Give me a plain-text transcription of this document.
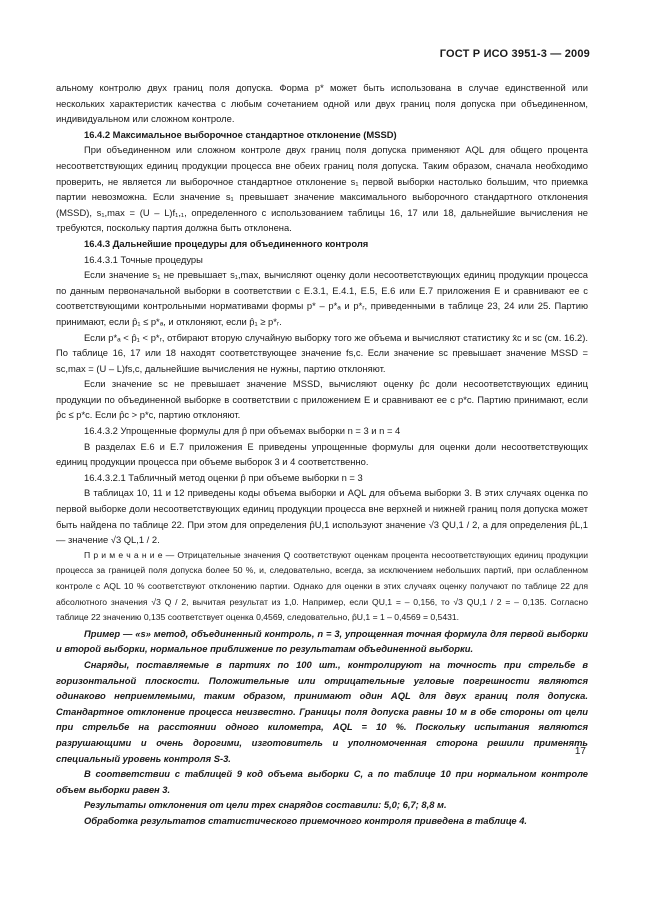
ГОСТ Р ИСО 3951-3 — 2009

альному контролю двух границ поля допуска. Форма p* может быть использована в случае единственной или нескольких характеристик качества с любым сочетанием одной или двух границ поля допуска при объединенном, индивидуальном или сложном контроле.

16.4.2 Максимальное выборочное стандартное отклонение (MSSD)

При объединенном или сложном контроле двух границ поля допуска применяют AQL для общего процента несоответствующих единиц продукции процесса вне обеих границ поля допуска. Таким образом, сначала необходимо проверить, не является ли выборочное стандартное отклонение s₁ первой выборки настолько большим, что приемка партии невозможна. Если значение s₁ превышает значение максимального выборочного стандартного отклонения (MSSD), s₁,max = (U – L)f₁,₁, определенного с использованием таблицы 16, 17 или 18, дальнейшие вычисления не требуются, поскольку партия должна быть отклонена.

16.4.3 Дальнейшие процедуры для объединенного контроля

16.4.3.1 Точные процедуры

Если значение s₁ не превышает s₁,max, вычисляют оценку доли несоответствующих единиц продукции процесса по данным первоначальной выборки в соответствии с Е.3.1, Е.4.1, Е.5, Е.6 или Е.7 приложения Е и сравнивают ее с соответствующими контрольными нормативами формы p* – p*ₐ и p*ᵣ, приведенными в таблице 23, 24 или 25. Партию принимают, если p̂₁ ≤ p*ₐ, и отклоняют, если p̂₁ ≥ p*ᵣ.

Если p*ₐ < p̂₁ < p*ᵣ, отбирают вторую случайную выборку того же объема и вычисляют статистику x̄c и sc (см. 16.2). По таблице 16, 17 или 18 находят соответствующее значение fs,c. Если значение sc превышает значение MSSD = sc,max = (U – L)fs,c, дальнейшие вычисления не нужны, партию отклоняют.

Если значение sc не превышает значение MSSD, вычисляют оценку p̂c доли несоответствующих единиц продукции по объединенной выборке в соответствии с приложением Е и сравнивают ее с p*c. Партию принимают, если p̂c ≤ p*c. Если p̂c > p*c, партию отклоняют.

16.4.3.2 Упрощенные формулы для p̂ при объемах выборки n = 3 и n = 4

В разделах Е.6 и Е.7 приложения Е приведены упрощенные формулы для оценки доли несоответствующих единиц продукции процесса при объеме выборок 3 и 4 соответственно.

16.4.3.2.1 Табличный метод оценки p̂ при объеме выборки n = 3

В таблицах 10, 11 и 12 приведены коды объема выборки и AQL для объема выборки 3. В этих случаях оценка по первой выборке доли несоответствующих единиц продукции процесса вне верхней и нижней границ поля допуска может быть найдена по таблице 22. При этом для определения p̂U,1 используют значение √3 QU,1 / 2, а для определения p̂L,1 — значение √3 QL,1 / 2.

П р и м е ч а н и е — Отрицательные значения Q соответствуют оценкам процента несоответствующих единиц продукции процесса за границей поля допуска более 50 %, и, следовательно, всегда, за исключением небольших партий, при ослабленном контроле с AQL 10 % соответствуют отклонению партии. Однако для оценки в этих случаях оценку получают по таблице 22 для абсолютного значения √3 Q / 2, вычитая результат из 1,0. Например, если QU,1 = – 0,156, то √3 QU,1 / 2 = – 0,135. Согласно таблице 22 значению 0,135 соответствует оценка 0,4569, следовательно, p̂U,1 = 1 – 0,4569 = 0,5431.

Пример — «s» метод, объединенный контроль, n = 3, упрощенная точная формула для первой выборки и второй выборки, нормальное приближение по результатам объединенной выборки.

Снаряды, поставляемые в партиях по 100 шт., контролируют на точность при стрельбе в горизонтальной плоскости. Положительные или отрицательные угловые погрешности являются одинаково неприемлемыми, таким образом, принимают один AQL для двух границ поля допуска. Стандартное отклонение процесса неизвестно. Границы поля допуска равны 10 м в обе стороны от цели при стрельбе на расстоянии одного километра, AQL = 10 %. Поскольку испытания являются разрушающими и очень дорогими, изготовитель и уполномоченная сторона решили применять специальный уровень контроля S-3.

В соответствии с таблицей 9 код объема выборки C, а по таблице 10 при нормальном контроле объем выборки равен 3.

Результаты отклонения от цели трех снарядов составили: 5,0; 6,7; 8,8 м.

Обработка результатов статистического приемочного контроля приведена в таблице 4.

17
